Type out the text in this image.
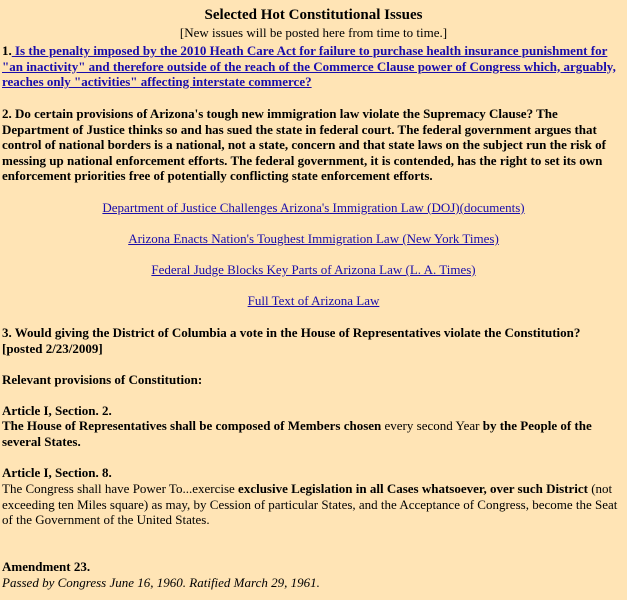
Selected Hot Constitutional Issues
[New issues will be posted here from time to time.]
1. Is the penalty imposed by the 2010 Heath Care Act for failure to purchase health insurance punishment for "an inactivity" and therefore outside of the reach of the Commerce Clause power of Congress which, arguably, reaches only "activities" affecting interstate commerce?
2. Do certain provisions of Arizona's tough new immigration law violate the Supremacy Clause? The Department of Justice thinks so and has sued the state in federal court. The federal government argues that control of national borders is a national, not a state, concern and that state laws on the subject run the risk of messing up national enforcement efforts. The federal government, it is contended, has the right to set its own enforcement priorities free of potentially conflicting state enforcement efforts.
Department of Justice Challenges Arizona's Immigration Law (DOJ)(documents)
Arizona Enacts Nation's Toughest Immigration Law (New York Times)
Federal Judge Blocks Key Parts of Arizona Law (L. A. Times)
Full Text of Arizona Law
3. Would giving the District of Columbia a vote in the House of Representatives violate the Constitution? [posted 2/23/2009]
Relevant provisions of Constitution:
Article I, Section. 2.
The House of Representatives shall be composed of Members chosen every second Year by the People of the several States.
Article I, Section. 8.
The Congress shall have Power To...exercise exclusive Legislation in all Cases whatsoever, over such District (not exceeding ten Miles square) as may, by Cession of particular States, and the Acceptance of Congress, become the Seat of the Government of the United States.
Amendment 23.
Passed by Congress June 16, 1960. Ratified March 29, 1961.
